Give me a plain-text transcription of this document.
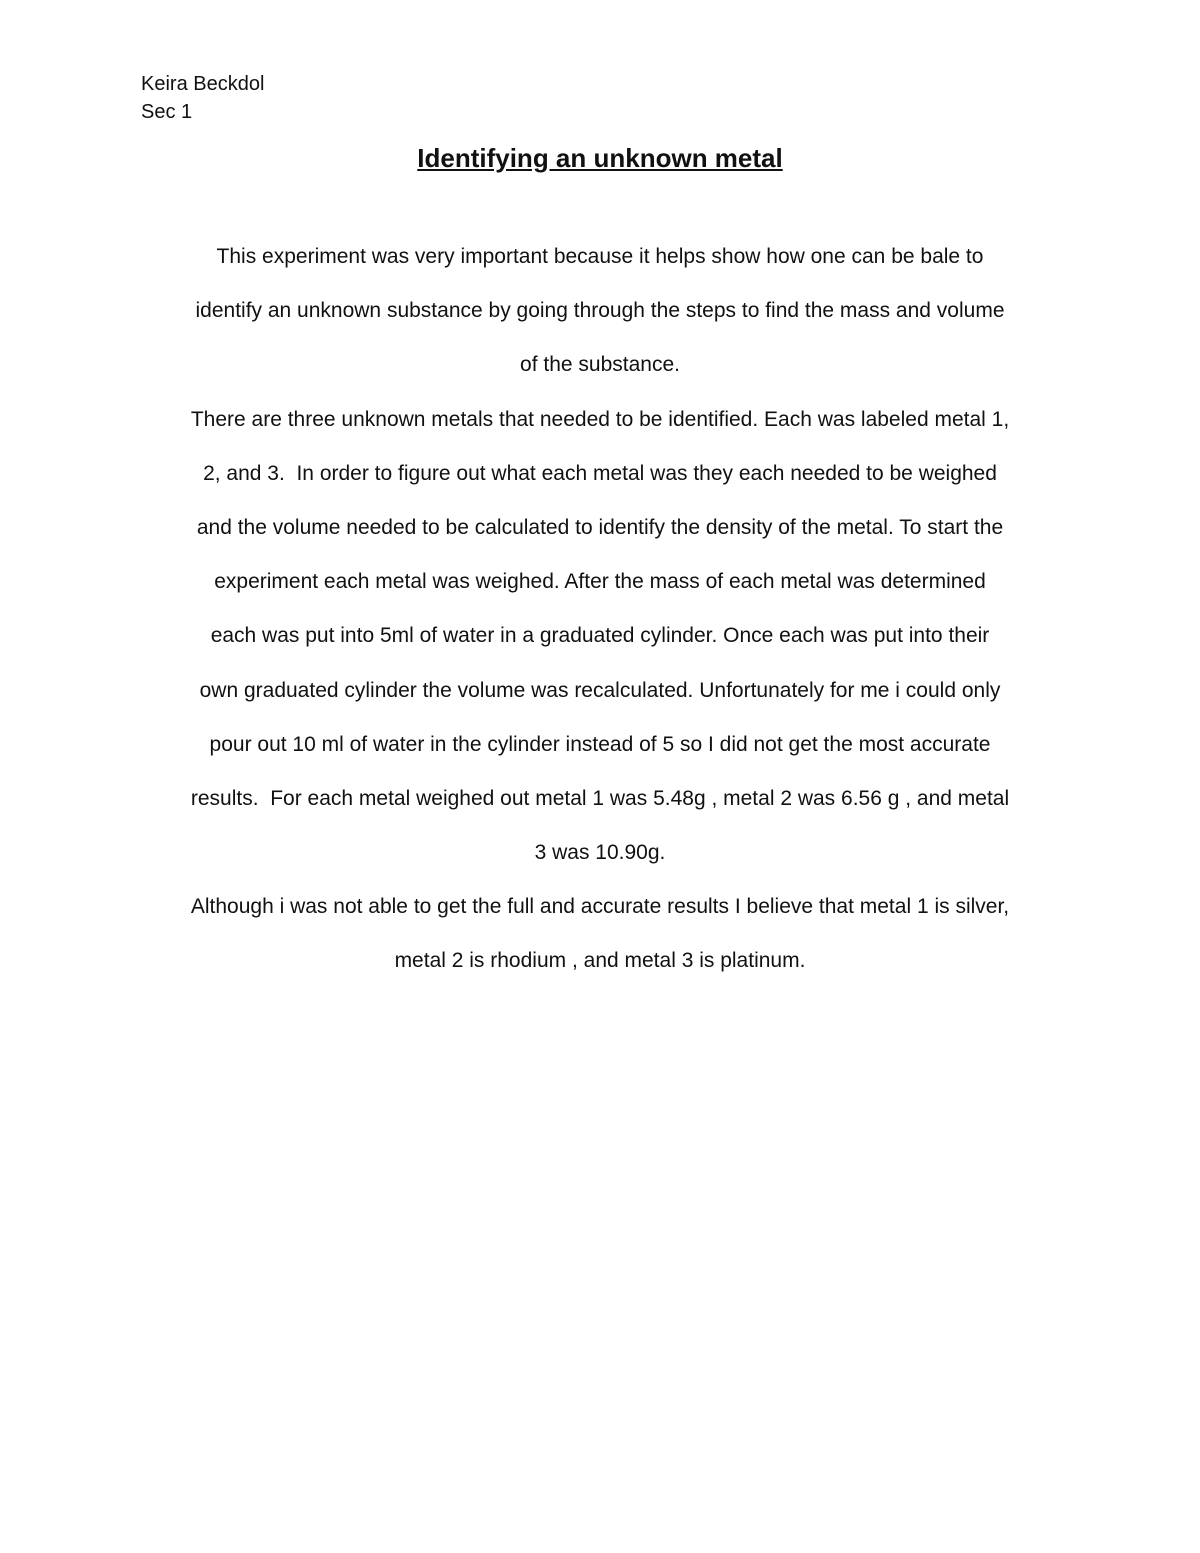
Keira Beckdol
Sec 1
Identifying an unknown metal
This experiment was very important because it helps show how one can be bale to
identify an unknown substance by going through the steps to find the mass and volume
of the substance.
There are three unknown metals that needed to be identified. Each was labeled metal 1,
2, and 3.  In order to figure out what each metal was they each needed to be weighed
and the volume needed to be calculated to identify the density of the metal. To start the
experiment each metal was weighed. After the mass of each metal was determined
each was put into 5ml of water in a graduated cylinder. Once each was put into their
own graduated cylinder the volume was recalculated. Unfortunately for me i could only
pour out 10 ml of water in the cylinder instead of 5 so I did not get the most accurate
results.  For each metal weighed out metal 1 was 5.48g , metal 2 was 6.56 g , and metal
3 was 10.90g.
Although i was not able to get the full and accurate results I believe that metal 1 is silver,
metal 2 is rhodium , and metal 3 is platinum.
